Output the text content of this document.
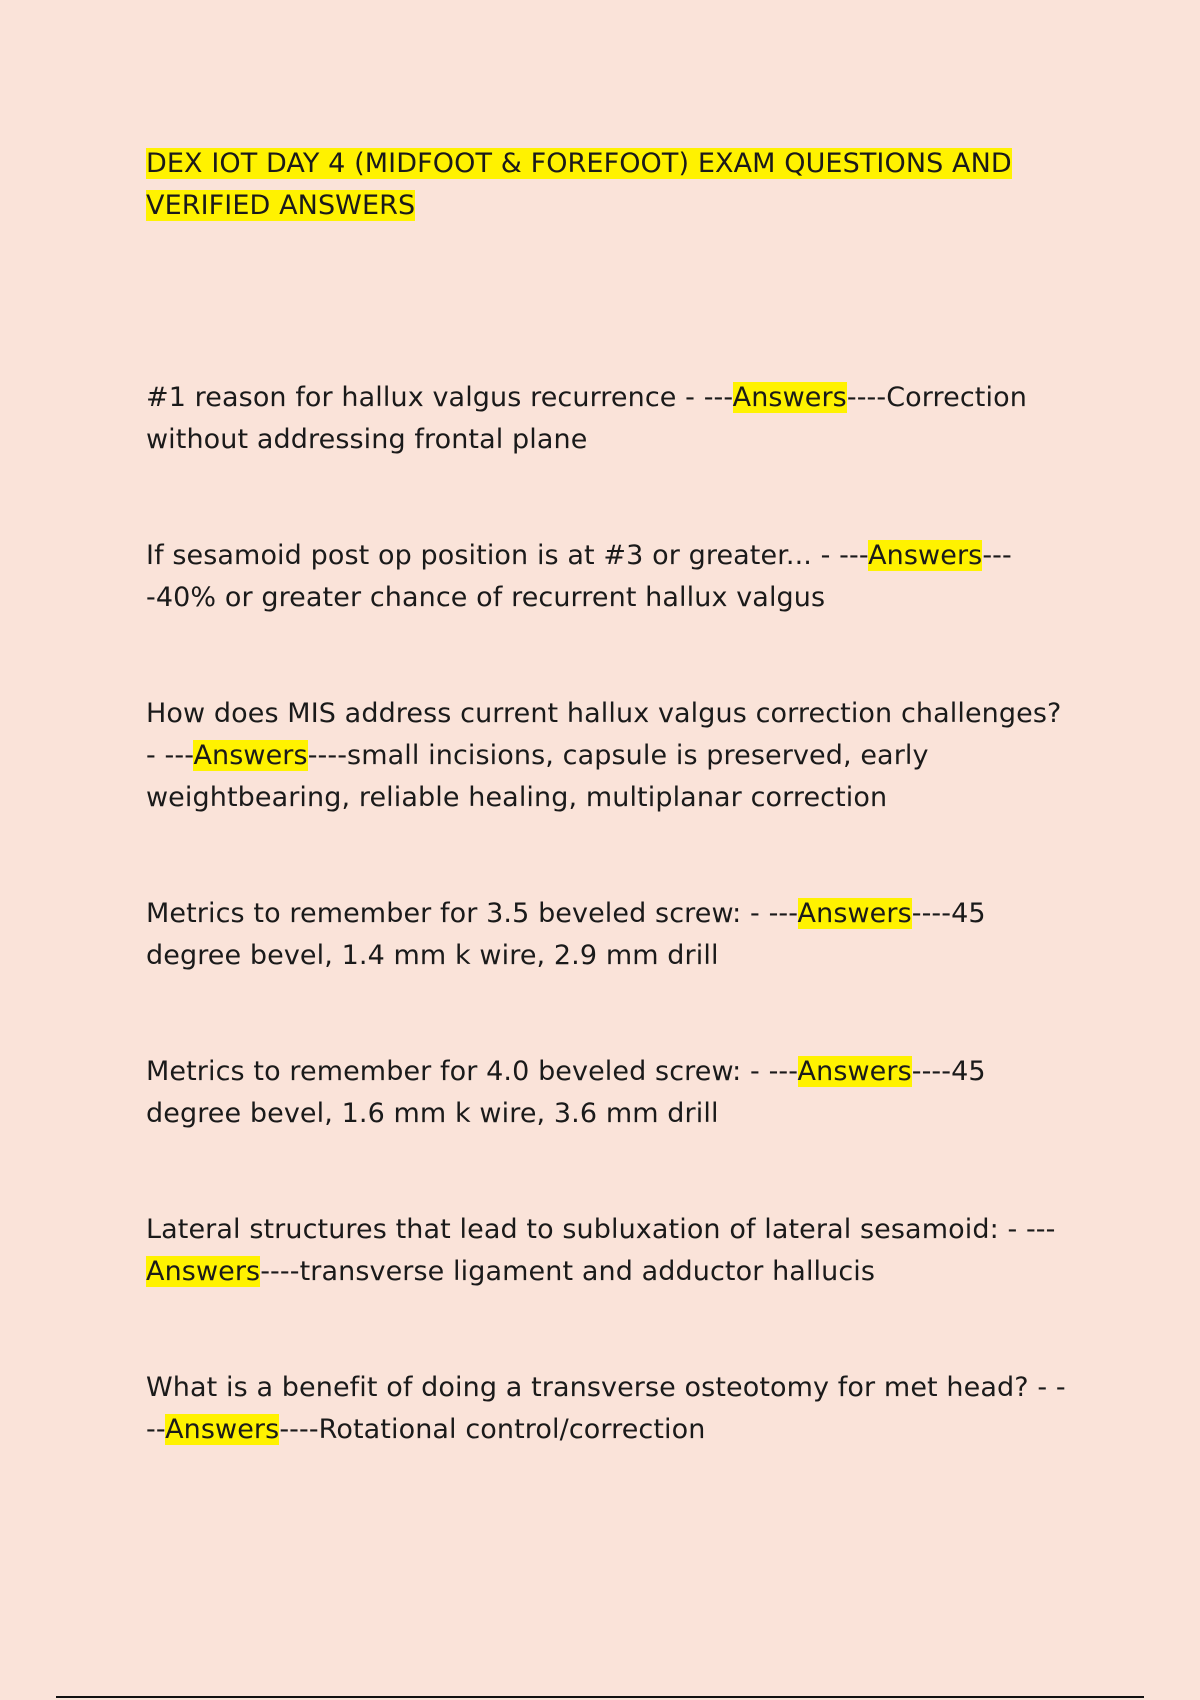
DEX IOT DAY 4 (MIDFOOT & FOREFOOT) EXAM QUESTIONS AND VERIFIED ANSWERS

#1 reason for hallux valgus recurrence - ---Answers----Correction without addressing frontal plane

If sesamoid post op position is at #3 or greater... - ---Answers----40% or greater chance of recurrent hallux valgus

How does MIS address current hallux valgus correction challenges? - ---Answers----small incisions, capsule is preserved, early weightbearing, reliable healing, multiplanar correction

Metrics to remember for 3.5 beveled screw: - ---Answers----45 degree bevel, 1.4 mm k wire, 2.9 mm drill

Metrics to remember for 4.0 beveled screw: - ---Answers----45 degree bevel, 1.6 mm k wire, 3.6 mm drill

Lateral structures that lead to subluxation of lateral sesamoid: - ---Answers----transverse ligament and adductor hallucis

What is a benefit of doing a transverse osteotomy for met head? - ---Answers----Rotational control/correction
